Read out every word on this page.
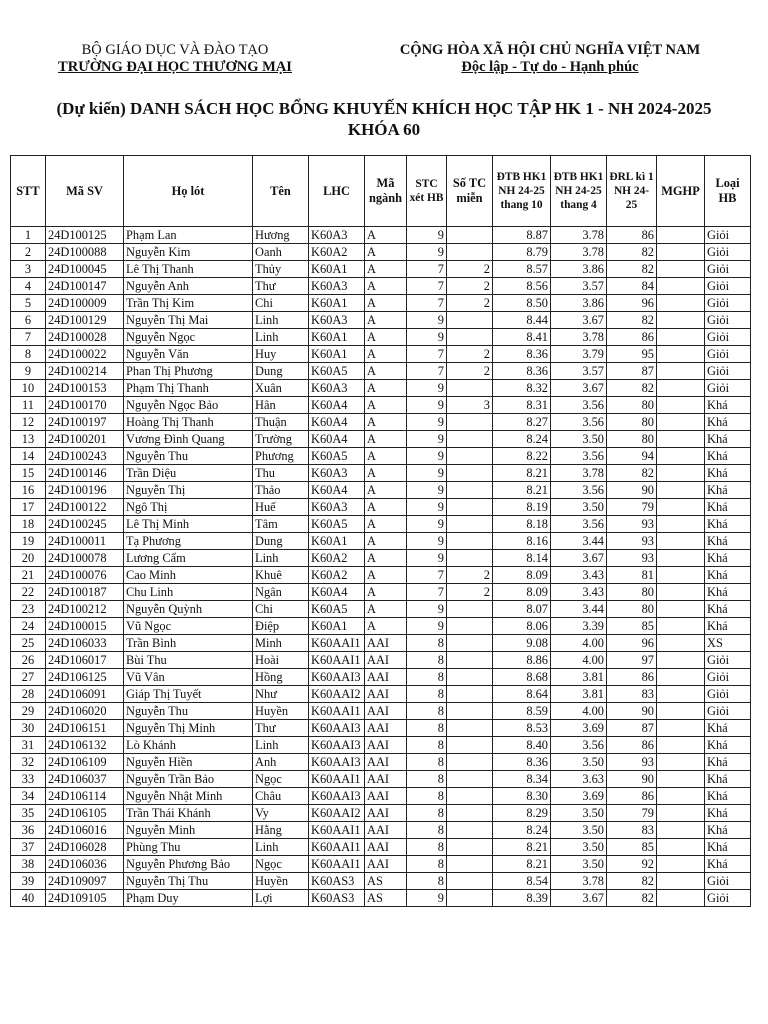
BỘ GIÁO DỤC VÀ ĐÀO TẠO
TRƯỜNG ĐẠI HỌC THƯƠNG MẠI
CỘNG HÒA XÃ HỘI CHỦ NGHĨA VIỆT NAM
Độc lập - Tự do - Hạnh phúc
(Dự kiến) DANH SÁCH HỌC BỔNG KHUYẾN KHÍCH HỌC TẬP HK 1 - NH 2024-2025
KHÓA 60
STT	Mã SV	Họ lót	Tên	LHC	Mã ngành	STC xét HB	Số TC miễn	ĐTB HK1 NH 24-25 thang 10	ĐTB HK1 NH 24-25 thang 4	ĐRL kì 1 NH 24-25	MGHP	Loại HB
1	24D100125	Phạm Lan	Hương	K60A3	A	9		8.87	3.78	86		Giỏi
2	24D100088	Nguyễn Kim	Oanh	K60A2	A	9		8.79	3.78	82		Giỏi
3	24D100045	Lê Thị Thanh	Thủy	K60A1	A	7	2	8.57	3.86	82		Giỏi
4	24D100147	Nguyễn Anh	Thư	K60A3	A	7	2	8.56	3.57	84		Giỏi
5	24D100009	Trần Thị Kim	Chi	K60A1	A	7	2	8.50	3.86	96		Giỏi
6	24D100129	Nguyễn Thị Mai	Linh	K60A3	A	9		8.44	3.67	82		Giỏi
7	24D100028	Nguyễn Ngọc	Linh	K60A1	A	9		8.41	3.78	86		Giỏi
8	24D100022	Nguyễn Văn	Huy	K60A1	A	7	2	8.36	3.79	95		Giỏi
9	24D100214	Phan Thị Phương	Dung	K60A5	A	7	2	8.36	3.57	87		Giỏi
10	24D100153	Phạm Thị Thanh	Xuân	K60A3	A	9		8.32	3.67	82		Giỏi
11	24D100170	Nguyễn Ngọc Bảo	Hân	K60A4	A	9	3	8.31	3.56	80		Khá
12	24D100197	Hoàng Thị Thanh	Thuận	K60A4	A	9		8.27	3.56	80		Khá
13	24D100201	Vương Đình Quang	Trường	K60A4	A	9		8.24	3.50	80		Khá
14	24D100243	Nguyễn Thu	Phương	K60A5	A	9		8.22	3.56	94		Khá
15	24D100146	Trần Diệu	Thu	K60A3	A	9		8.21	3.78	82		Khá
16	24D100196	Nguyễn Thị	Thảo	K60A4	A	9		8.21	3.56	90		Khá
17	24D100122	Ngô Thị	Huế	K60A3	A	9		8.19	3.50	79		Khá
18	24D100245	Lê Thị Minh	Tâm	K60A5	A	9		8.18	3.56	93		Khá
19	24D100011	Tạ Phương	Dung	K60A1	A	9		8.16	3.44	93		Khá
20	24D100078	Lương Cẩm	Linh	K60A2	A	9		8.14	3.67	93		Khá
21	24D100076	Cao Minh	Khuê	K60A2	A	7	2	8.09	3.43	81		Khá
22	24D100187	Chu Linh	Ngân	K60A4	A	7	2	8.09	3.43	80		Khá
23	24D100212	Nguyễn Quỳnh	Chi	K60A5	A	9		8.07	3.44	80		Khá
24	24D100015	Vũ Ngọc	Điệp	K60A1	A	9		8.06	3.39	85		Khá
25	24D106033	Trần Bình	Minh	K60AAI1	AAI	8		9.08	4.00	96		XS
26	24D106017	Bùi Thu	Hoài	K60AAI1	AAI	8		8.86	4.00	97		Giỏi
27	24D106125	Vũ Vân	Hồng	K60AAI3	AAI	8		8.68	3.81	86		Giỏi
28	24D106091	Giáp Thị Tuyết	Như	K60AAI2	AAI	8		8.64	3.81	83		Giỏi
29	24D106020	Nguyễn Thu	Huyền	K60AAI1	AAI	8		8.59	4.00	90		Giỏi
30	24D106151	Nguyễn Thị Minh	Thư	K60AAI3	AAI	8		8.53	3.69	87		Khá
31	24D106132	Lò Khánh	Linh	K60AAI3	AAI	8		8.40	3.56	86		Khá
32	24D106109	Nguyễn Hiền	Anh	K60AAI3	AAI	8		8.36	3.50	93		Khá
33	24D106037	Nguyễn Trần Bảo	Ngọc	K60AAI1	AAI	8		8.34	3.63	90		Khá
34	24D106114	Nguyễn Nhật Minh	Châu	K60AAI3	AAI	8		8.30	3.69	86		Khá
35	24D106105	Trần Thái Khánh	Vy	K60AAI2	AAI	8		8.29	3.50	79		Khá
36	24D106016	Nguyễn Minh	Hằng	K60AAI1	AAI	8		8.24	3.50	83		Khá
37	24D106028	Phùng Thu	Linh	K60AAI1	AAI	8		8.21	3.50	85		Khá
38	24D106036	Nguyễn Phương Bảo	Ngọc	K60AAI1	AAI	8		8.21	3.50	92		Khá
39	24D109097	Nguyễn Thị Thu	Huyền	K60AS3	AS	8		8.54	3.78	82		Giỏi
40	24D109105	Phạm Duy	Lợi	K60AS3	AS	9		8.39	3.67	82		Giỏi
